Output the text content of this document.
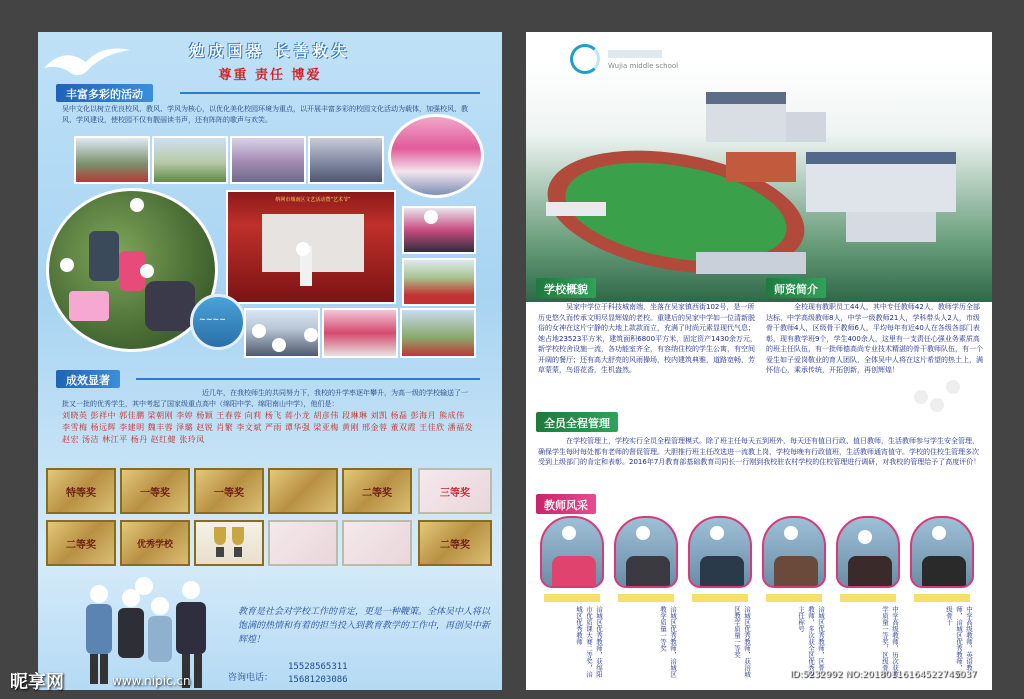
勉成国器 长善救失
尊重 责任 博爱
丰富多彩的活动
吴中文化以树立优良校风、教风、学风为核心，以优化美化校园环境为重点，以开展丰富多彩的校园文化活动为载体，加强校风、教风、学风建设，使校园不仅有靓丽读书声，还有阵阵的歌声与欢笑。
纳网市城南区文艺活动暨“艺术节”
~~~~
成效显著
近几年，在我校师生的共同努力下，我校的升学率逐年攀升，为高一级的学校输送了一批又一批的优秀学生，其中考起了国家级重点高中（绵阳中学、绵阳南山中学），他们是：
刘晓英 彭祥中 郭佳鹏 梁朝刚 李婷 杨颖 王春蓉 向莉 杨飞 蒋小龙 胡彦伟 段琳琳 刘凯 杨磊 彭海月 熊成伟 李雪梅 杨远辉 李建明 魏丰蓉 泽璐 赵锐 肖繁 李文斌 严雨 谭华强 梁亚梅 黄刚 邢金蓉 董双霞 王佳欣 潘福发 赵宏 汤洁 林江平 杨丹 赵红健 张玲凤
特等奖	一等奖	一等奖	二等奖	三等奖
二等奖	优秀学校	二等奖
教育是社会对学校工作的肯定，更是一种鞭策。全体吴中人将以饱满的热情和有着的担当投入到教育教学的工作中，再创吴中新辉煌！
咨询电话：
15528565311
15681203086
Wujia middle school
学校概貌
吴家中学位于科技城南端，坐落在吴家镇西街102号，是一所历史悠久而传承文明尽显辉煌的老校。重建后的吴家中学如一位清新脱俗的女神在这片宁静的大地上款款而立，充满了时尚元素显现代气息；她占地23523平方米，建筑面积6800平方米，固定资产1430余万元，新学校校舍设施一流，各功能室齐全，有容纳住校的学生公寓，有空间开阔的餐厅；还有高大舒亮的风雨操场，校内建筑典雅，道路宽畅，芳草蒙蒙，鸟语花香，生机盎然。
师资简介
全校现有教职员工44人，其中专任教师42人，教师学历全部达标，中学高级教师8人，中学一级教师21人，学科带头人2人，市级骨干教师4人，区级骨干教师6人，平均每年有近40人在各级各部门表彰，现有教学班9个，学生400余人，这里有一支责任心强业务素质高的班主任队伍，有一批师德高尚专业技术精湛的骨干教师队伍，有一个爱生如子爱岗敬业的育人团队，全体吴中人将在这片希望的热土上，满怀信心，乘承传统，开拓创新，再创辉煌！
全员全程管理
在学校管理上，学校实行全员全程管理模式。除了班主任每天五到班外，每天还有值日行政、值日教师，生活教师参与学生安全管理，确保学生每时每处都有老师的督促管理。大胆推行班主任改选进一流教上岗，学校每晚有行政值班，生活教师通宵值守。学校的住校生管理多次受到上级部门的肯定和表彰。2016年7月教育部基础教育司同长一行刚到我校驻农村学校的住校管理进行调研，对我校的管理给予了高度评价！
教师风采
涪城区优秀教师，获绵阳市优质课大赛二等奖，涪城区优秀教师	涪城区优秀教师，涪城区教学质量一等奖	涪城区优秀教师，获涪城区教学质量一等奖	涪城区优秀教师，区骨干教师，多次获全区优秀班主任称号	中学高级教师，历次获教学质量一等奖，区级骨干	中学高级教师，英语教师，涪城区优秀教师，区级骨干
昵享网	www.nipic.cn	ID:5232992 NO:20180116164522745037
